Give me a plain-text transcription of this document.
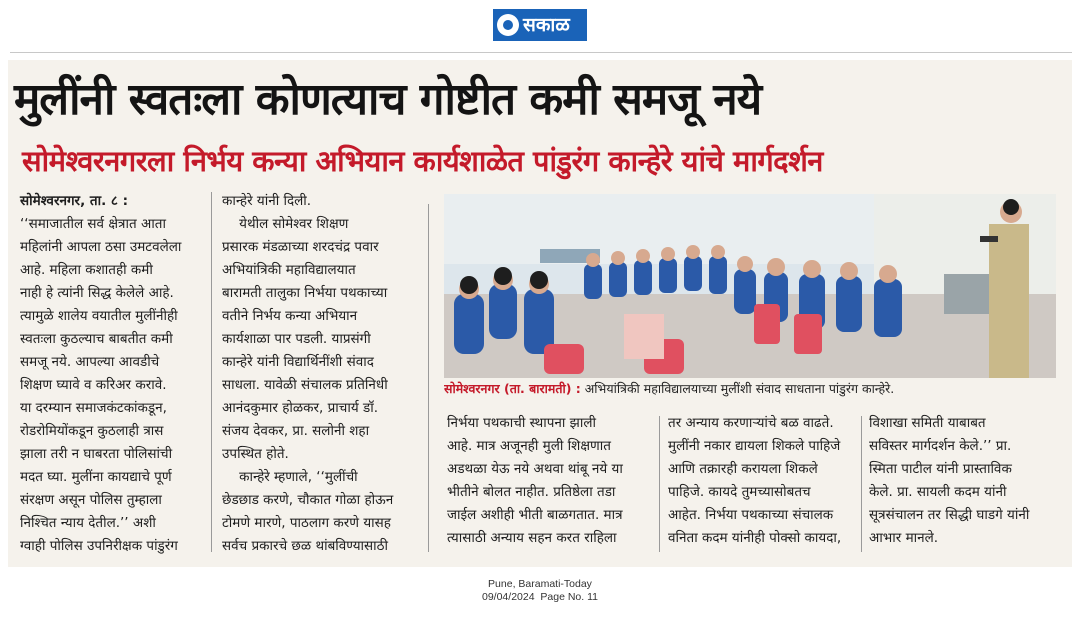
सकाळ
मुलींनी स्वतःला कोणत्याच गोष्टीत कमी समजू नये
सोमेश्वरनगरला निर्भय कन्या अभियान कार्यशाळेत पांडुरंग कान्हेरे यांचे मार्गदर्शन
सोमेश्वरनगर, ता. ८ :
‘‘समाजातील सर्व क्षेत्रात आता
महिलांनी आपला ठसा उमटवलेला
आहे. महिला कशातही कमी
नाही हे त्यांनी सिद्ध केलेले आहे.
त्यामुळे शालेय वयातील मुलींनीही
स्वतःला कुठल्याच बाबतीत कमी
समजू नये. आपल्या आवडीचे
शिक्षण घ्यावे व करिअर करावे.
या दरम्यान समाजकंटकांकडून,
रोडरोमियोंकडून कुठलाही त्रास
झाला तरी न घाबरता पोलिसांची
मदत घ्या. मुलींना कायद्याचे पूर्ण
संरक्षण असून पोलिस तुम्हाला
निश्चित न्याय देतील.’’ अशी
ग्वाही पोलिस उपनिरीक्षक पांडुरंग
कान्हेरे यांनी दिली.
येथील सोमेश्वर शिक्षण
प्रसारक मंडळाच्या शरदचंद्र पवार
अभियांत्रिकी महाविद्यालयात
बारामती तालुका निर्भया पथकाच्या
वतीने निर्भय कन्या अभियान
कार्यशाळा पार पडली. याप्रसंगी
कान्हेरे यांनी विद्यार्थिनींशी संवाद
साधला. यावेळी संचालक प्रतिनिधी
आनंदकुमार होळकर, प्राचार्य डॉ.
संजय देवकर, प्रा. सलोनी शहा
उपस्थित होते.
कान्हेरे म्हणाले, ‘‘मुलींची
छेडछाड करणे, चौकात गोळा होऊन
टोमणे मारणे, पाठलाग करणे यासह
सर्वच प्रकारचे छळ थांबविण्यासाठी
सोमेश्वरनगर (ता. बारामती) : अभियांत्रिकी महाविद्यालयाच्या मुलींशी संवाद साधताना पांडुरंग कान्हेरे.
निर्भया पथकाची स्थापना झाली
आहे. मात्र अजूनही मुली शिक्षणात
अडथळा येऊ नये अथवा थांबू नये या
भीतीने बोलत नाहीत. प्रतिष्ठेला तडा
जाईल अशीही भीती बाळगतात. मात्र
त्यासाठी अन्याय सहन करत राहिला
तर अन्याय करणाऱ्यांचे बळ वाढते.
मुलींनी नकार द्यायला शिकले पाहिजे
आणि तक्रारही करायला शिकले
पाहिजे. कायदे तुमच्यासोबतच
आहेत. निर्भया पथकाच्या संचालक
वनिता कदम यांनीही पोक्सो कायदा,
विशाखा समिती याबाबत
सविस्तर मार्गदर्शन केले.’’ प्रा.
स्मिता पाटील यांनी प्रास्ताविक
केले. प्रा. सायली कदम यांनी
सूत्रसंचालन तर सिद्धी घाडगे यांनी
आभार मानले.
Pune, Baramati-Today
09/04/2024  Page No. 11
